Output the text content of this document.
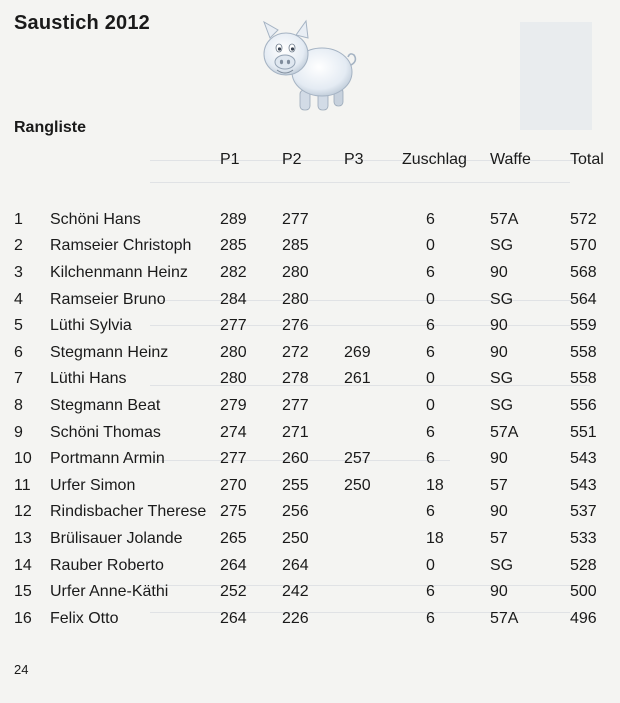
Saustich 2012
Rangliste
		P1	P2	P3	Zuschlag	Waffe	Total

1	Schöni Hans	289	277		6	57A	572
2	Ramseier Christoph	285	285		0	SG	570
3	Kilchenmann Heinz	282	280		6	90	568
4	Ramseier Bruno	284	280		0	SG	564
5	Lüthi Sylvia	277	276		6	90	559
6	Stegmann Heinz	280	272	269	6	90	558
7	Lüthi Hans	280	278	261	0	SG	558
8	Stegmann Beat	279	277		0	SG	556
9	Schöni Thomas	274	271		6	57A	551
10	Portmann Armin	277	260	257	6	90	543
11	Urfer Simon	270	255	250	18	57	543
12	Rindisbacher Therese	275	256		6	90	537
13	Brülisauer Jolande	265	250		18	57	533
14	Rauber Roberto	264	264		0	SG	528
15	Urfer Anne-Käthi	252	242		6	90	500
16	Felix Otto	264	226		6	57A	496
24
